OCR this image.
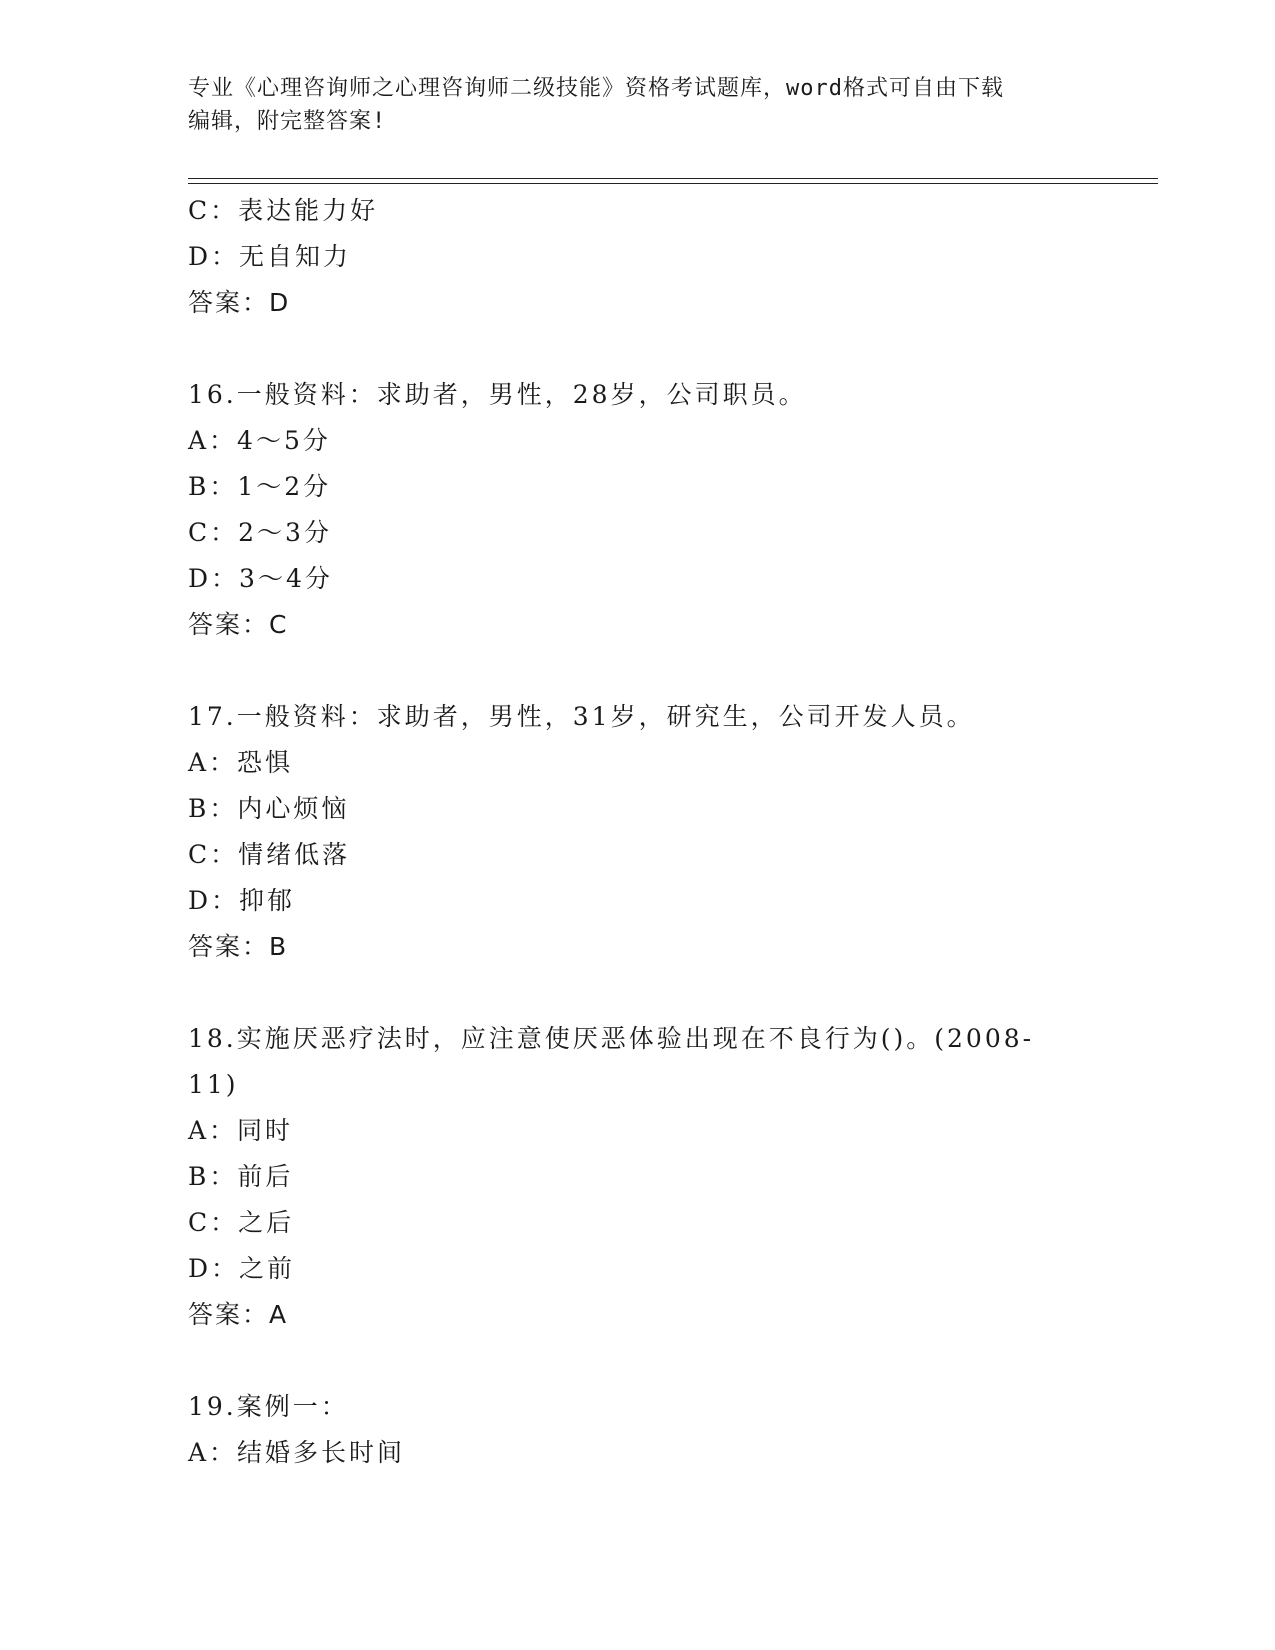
专业《心理咨询师之心理咨询师二级技能》资格考试题库，word格式可自由下载
编辑，附完整答案!
C：表达能力好
D：无自知力
答案：D
16.一般资料：求助者，男性，28岁，公司职员。
A：4～5分
B：1～2分
C：2～3分
D：3～4分
答案：C
17.一般资料：求助者，男性，31岁，研究生，公司开发人员。
A：恐惧
B：内心烦恼
C：情绪低落
D：抑郁
答案：B
18.实施厌恶疗法时，应注意使厌恶体验出现在不良行为()。(2008-
11)
A：同时
B：前后
C：之后
D：之前
答案：A
19.案例一：
A：结婚多长时间
